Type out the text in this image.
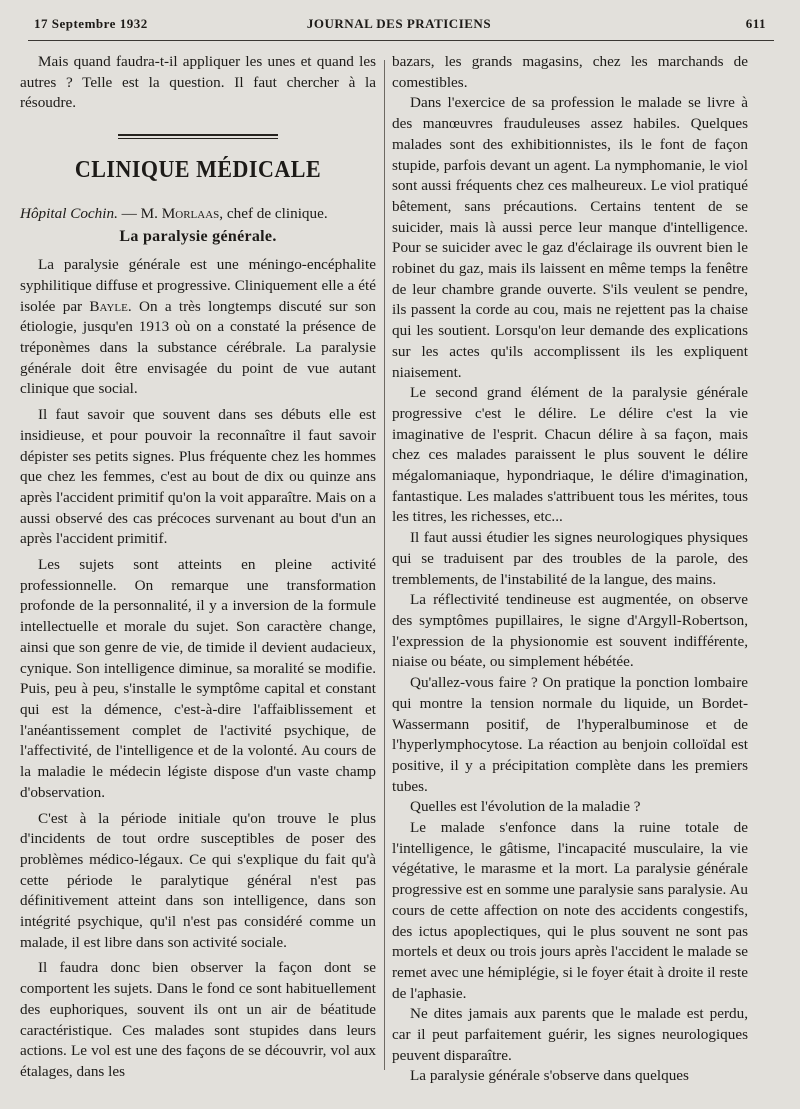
17 Septembre 1932	JOURNAL DES PRATICIENS	611

Mais quand faudra-t-il appliquer les unes et quand les autres ? Telle est la question. Il faut chercher à la résoudre.

CLINIQUE MÉDICALE

Hôpital Cochin. — M. Morlaas, chef de clinique.

La paralysie générale.

La paralysie générale est une méningo-encéphalite syphilitique diffuse et progressive. Cliniquement elle a été isolée par Bayle. On a très longtemps discuté sur son étiologie, jusqu'en 1913 où on a constaté la présence de tréponèmes dans la substance cérébrale. La paralysie générale doit être envisagée du point de vue autant clinique que social.

Il faut savoir que souvent dans ses débuts elle est insidieuse, et pour pouvoir la reconnaître il faut savoir dépister ses petits signes. Plus fréquente chez les hommes que chez les femmes, c'est au bout de dix ou quinze ans après l'accident primitif qu'on la voit apparaître. Mais on a aussi observé des cas précoces survenant au bout d'un an après l'accident primitif.

Les sujets sont atteints en pleine activité professionnelle. On remarque une transformation profonde de la personnalité, il y a inversion de la formule intellectuelle et morale du sujet. Son caractère change, ainsi que son genre de vie, de timide il devient audacieux, cynique. Son intelligence diminue, sa moralité se modifie. Puis, peu à peu, s'installe le symptôme capital et constant qui est la démence, c'est-à-dire l'affaiblissement et l'anéantissement complet de l'activité psychique, de l'affectivité, de l'intelligence et de la volonté. Au cours de la maladie le médecin légiste dispose d'un vaste champ d'observation.

C'est à la période initiale qu'on trouve le plus d'incidents de tout ordre susceptibles de poser des problèmes médico-légaux. Ce qui s'explique du fait qu'à cette période le paralytique général n'est pas définitivement atteint dans son intelligence, dans son intégrité psychique, qu'il n'est pas considéré comme un malade, il est libre dans son activité sociale.

Il faudra donc bien observer la façon dont se comportent les sujets. Dans le fond ce sont habituellement des euphoriques, souvent ils ont un air de béatitude caractéristique. Ces malades sont stupides dans leurs actions. Le vol est une des façons de se découvrir, vol aux étalages, dans les

bazars, les grands magasins, chez les marchands de comestibles.

Dans l'exercice de sa profession le malade se livre à des manœuvres frauduleuses assez habiles. Quelques malades sont des exhibitionnistes, ils le font de façon stupide, parfois devant un agent. La nymphomanie, le viol sont aussi fréquents chez ces malheureux. Le viol pratiqué bêtement, sans précautions. Certains tentent de se suicider, mais là aussi perce leur manque d'intelligence. Pour se suicider avec le gaz d'éclairage ils ouvrent bien le robinet du gaz, mais ils laissent en même temps la fenêtre de leur chambre grande ouverte. S'ils veulent se pendre, ils passent la corde au cou, mais ne rejettent pas la chaise qui les soutient. Lorsqu'on leur demande des explications sur les actes qu'ils accomplissent ils les expliquent niaisement.

Le second grand élément de la paralysie générale progressive c'est le délire. Le délire c'est la vie imaginative de l'esprit. Chacun délire à sa façon, mais chez ces malades paraissent le plus souvent le délire mégalomaniaque, hypondriaque, le délire d'imagination, fantastique. Les malades s'attribuent tous les mérites, tous les titres, les richesses, etc...

Il faut aussi étudier les signes neurologiques physiques qui se traduisent par des troubles de la parole, des tremblements, de l'instabilité de la langue, des mains.

La réflectivité tendineuse est augmentée, on observe des symptômes pupillaires, le signe d'Argyll-Robertson, l'expression de la physionomie est souvent indifférente, niaise ou béate, ou simplement hébétée.

Qu'allez-vous faire ? On pratique la ponction lombaire qui montre la tension normale du liquide, un Bordet-Wassermann positif, de l'hyperalbuminose et de l'hyperlymphocytose. La réaction au benjoin colloïdal est positive, il y a précipitation complète dans les premiers tubes.

Quelles est l'évolution de la maladie ?

Le malade s'enfonce dans la ruine totale de l'intelligence, le gâtisme, l'incapacité musculaire, la vie végétative, le marasme et la mort. La paralysie générale progressive est en somme une paralysie sans paralysie. Au cours de cette affection on note des accidents congestifs, des ictus apoplectiques, qui le plus souvent ne sont pas mortels et deux ou trois jours après l'accident le malade se remet avec une hémiplégie, si le foyer était à droite il reste de l'aphasie.

Ne dites jamais aux parents que le malade est perdu, car il peut parfaitement guérir, les signes neurologiques peuvent disparaître.

La paralysie générale s'observe dans quelques
